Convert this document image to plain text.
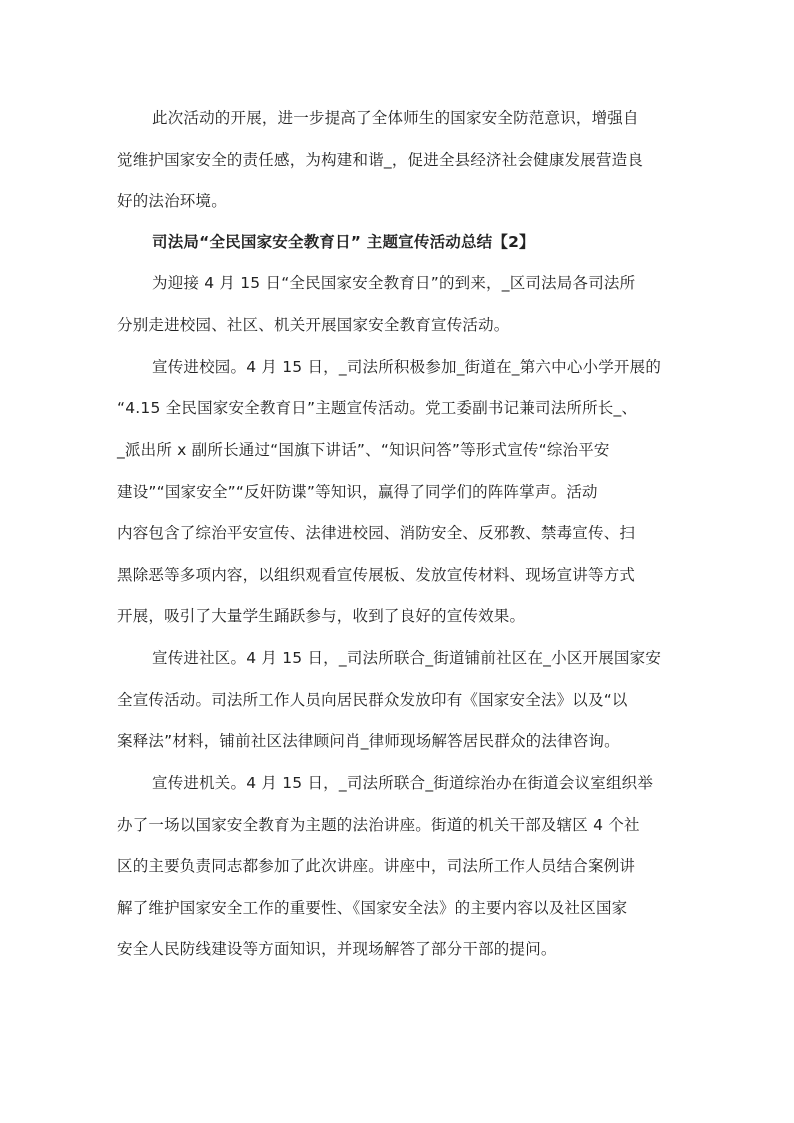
此次活动的开展，进一步提高了全体师生的国家安全防范意识，增强自
觉维护国家安全的责任感，为构建和谐_，促进全县经济社会健康发展营造良
好的法治环境。
司法局“全民国家安全教育日” 主题宣传活动总结【2】
为迎接 4 月 15 日“全民国家安全教育日”的到来，_区司法局各司法所
分别走进校园、社区、机关开展国家安全教育宣传活动。
宣传进校园。4 月 15 日，_司法所积极参加_街道在_第六中心小学开展的
“4.15 全民国家安全教育日”主题宣传活动。党工委副书记兼司法所所长_、
_派出所 x 副所长通过“国旗下讲话”、“知识问答”等形式宣传“综治平安
建设”“国家安全”“反奸防谍”等知识，赢得了同学们的阵阵掌声。活动
内容包含了综治平安宣传、法律进校园、消防安全、反邪教、禁毒宣传、扫
黑除恶等多项内容，以组织观看宣传展板、发放宣传材料、现场宣讲等方式
开展，吸引了大量学生踊跃参与，收到了良好的宣传效果。
宣传进社区。4 月 15 日，_司法所联合_街道铺前社区在_小区开展国家安
全宣传活动。司法所工作人员向居民群众发放印有《国家安全法》以及“以
案释法”材料，铺前社区法律顾问肖_律师现场解答居民群众的法律咨询。
宣传进机关。4 月 15 日，_司法所联合_街道综治办在街道会议室组织举
办了一场以国家安全教育为主题的法治讲座。街道的机关干部及辖区 4 个社
区的主要负责同志都参加了此次讲座。讲座中，司法所工作人员结合案例讲
解了维护国家安全工作的重要性、《国家安全法》的主要内容以及社区国家
安全人民防线建设等方面知识，并现场解答了部分干部的提问。
